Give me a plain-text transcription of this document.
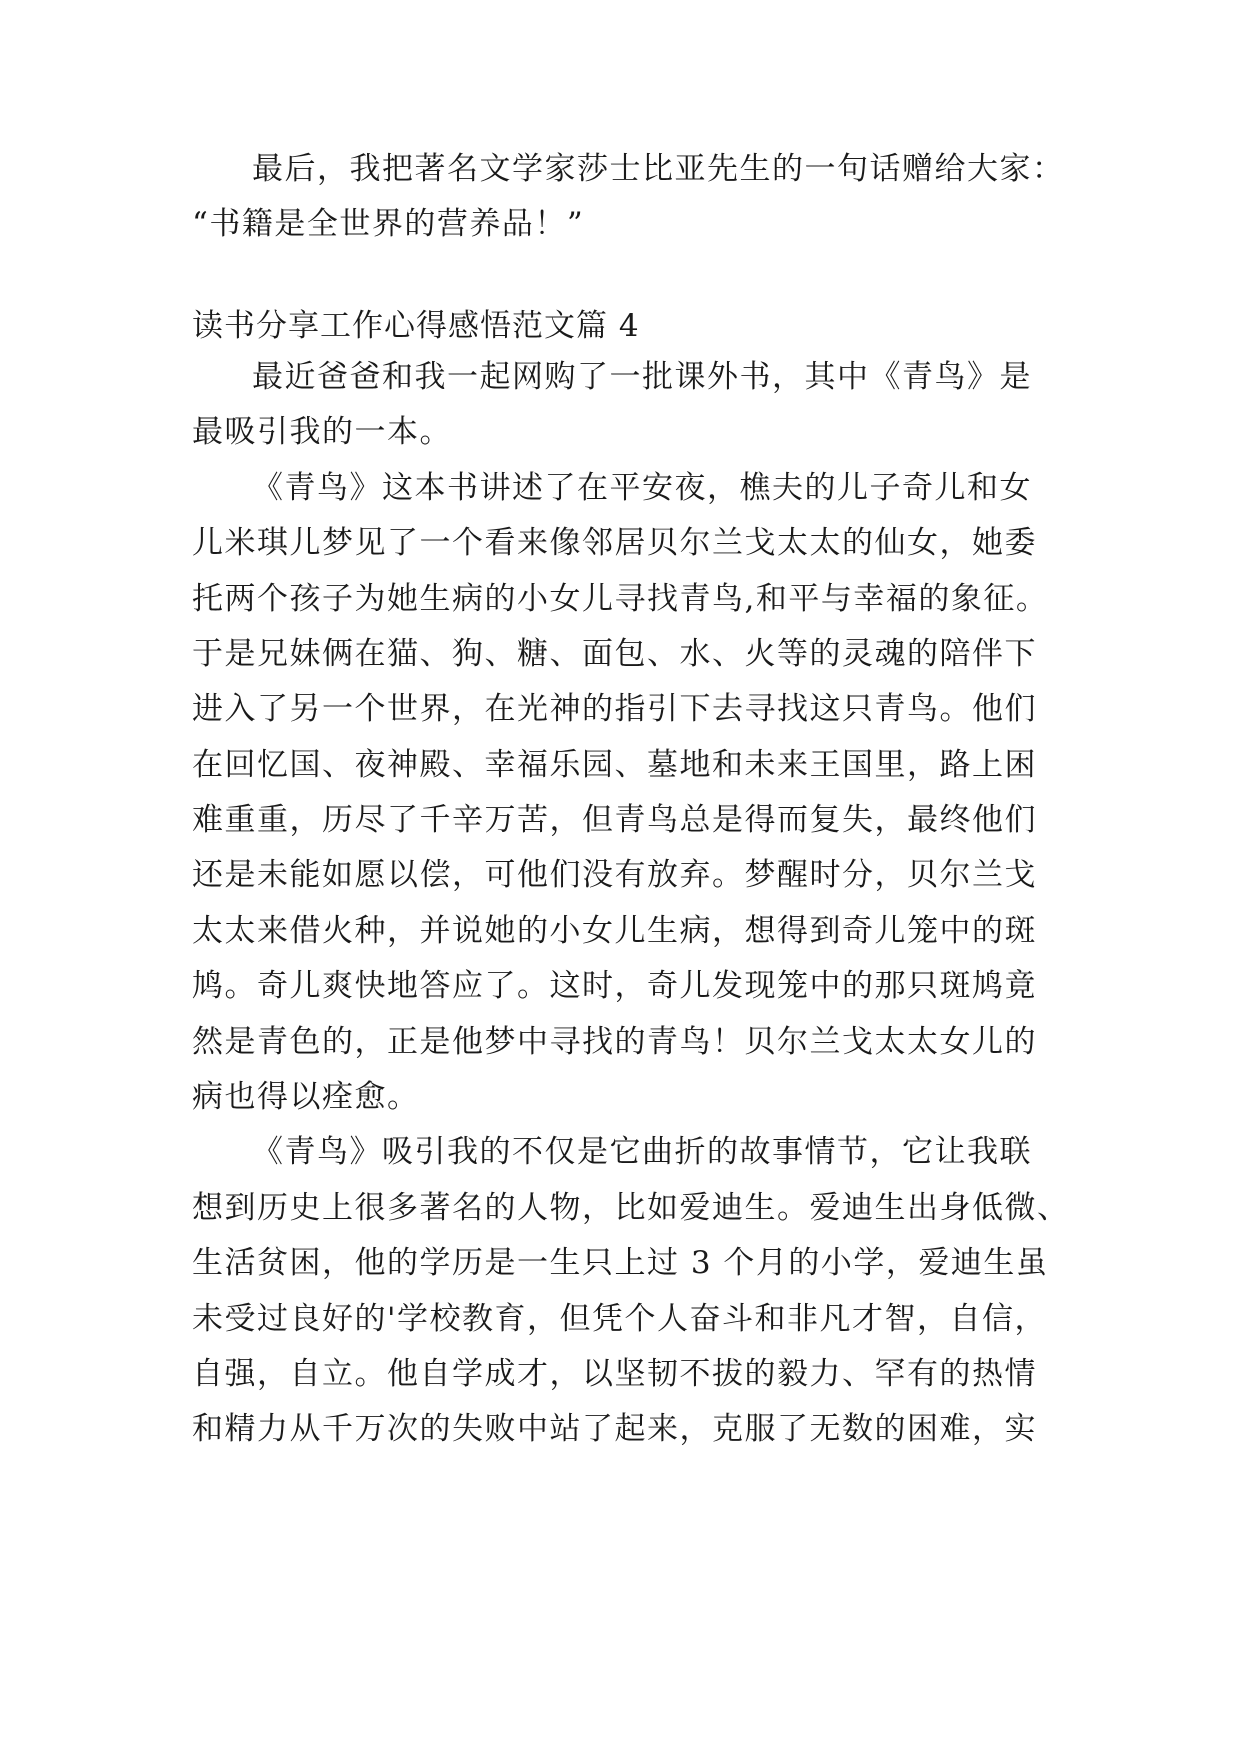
最后，我把著名文学家莎士比亚先生的一句话赠给大家：
“书籍是全世界的营养品！”
读书分享工作心得感悟范文篇 4
最近爸爸和我一起网购了一批课外书，其中《青鸟》是
最吸引我的一本。
《青鸟》这本书讲述了在平安夜，樵夫的儿子奇儿和女
儿米琪儿梦见了一个看来像邻居贝尔兰戈太太的仙女，她委
托两个孩子为她生病的小女儿寻找青鸟,和平与幸福的象征。
于是兄妹俩在猫、狗、糖、面包、水、火等的灵魂的陪伴下
进入了另一个世界，在光神的指引下去寻找这只青鸟。他们
在回忆国、夜神殿、幸福乐园、墓地和未来王国里，路上困
难重重，历尽了千辛万苦，但青鸟总是得而复失，最终他们
还是未能如愿以偿，可他们没有放弃。梦醒时分，贝尔兰戈
太太来借火种，并说她的小女儿生病，想得到奇儿笼中的斑
鸠。奇儿爽快地答应了。这时，奇儿发现笼中的那只斑鸠竟
然是青色的，正是他梦中寻找的青鸟！贝尔兰戈太太女儿的
病也得以痊愈。
《青鸟》吸引我的不仅是它曲折的故事情节，它让我联
想到历史上很多著名的人物，比如爱迪生。爱迪生出身低微、
生活贫困，他的学历是一生只上过 3 个月的小学，爱迪生虽
未受过良好的'学校教育，但凭个人奋斗和非凡才智，自信，
自强，自立。他自学成才，以坚韧不拔的毅力、罕有的热情
和精力从千万次的失败中站了起来，克服了无数的困难，实
